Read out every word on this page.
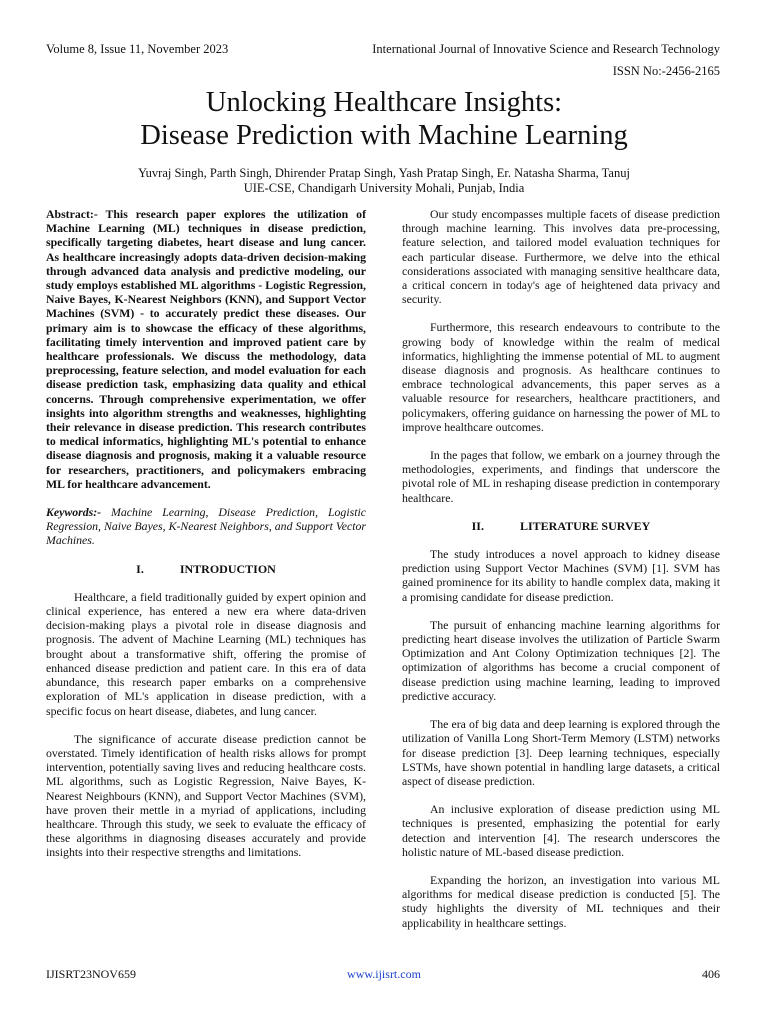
Volume 8, Issue 11, November 2023	International Journal of Innovative Science and Research Technology
ISSN No:-2456-2165
Unlocking Healthcare Insights:
Disease Prediction with Machine Learning
Yuvraj Singh, Parth Singh, Dhirender Pratap Singh, Yash Pratap Singh, Er. Natasha Sharma, Tanuj
UIE-CSE, Chandigarh University Mohali, Punjab, India

Abstract:- This research paper explores the utilization of Machine Learning (ML) techniques in disease prediction, specifically targeting diabetes, heart disease and lung cancer. As healthcare increasingly adopts data-driven decision-making through advanced data analysis and predictive modeling, our study employs established ML algorithms - Logistic Regression, Naive Bayes, K-Nearest Neighbors (KNN), and Support Vector Machines (SVM) - to accurately predict these diseases. Our primary aim is to showcase the efficacy of these algorithms, facilitating timely intervention and improved patient care by healthcare professionals. We discuss the methodology, data preprocessing, feature selection, and model evaluation for each disease prediction task, emphasizing data quality and ethical concerns. Through comprehensive experimentation, we offer insights into algorithm strengths and weaknesses, highlighting their relevance in disease prediction. This research contributes to medical informatics, highlighting ML's potential to enhance disease diagnosis and prognosis, making it a valuable resource for researchers, practitioners, and policymakers embracing ML for healthcare advancement.

Keywords:- Machine Learning, Disease Prediction, Logistic Regression, Naive Bayes, K-Nearest Neighbors, and Support Vector Machines.

I.	INTRODUCTION

Healthcare, a field traditionally guided by expert opinion and clinical experience, has entered a new era where data-driven decision-making plays a pivotal role in disease diagnosis and prognosis. The advent of Machine Learning (ML) techniques has brought about a transformative shift, offering the promise of enhanced disease prediction and patient care. In this era of data abundance, this research paper embarks on a comprehensive exploration of ML's application in disease prediction, with a specific focus on heart disease, diabetes, and lung cancer.

The significance of accurate disease prediction cannot be overstated. Timely identification of health risks allows for prompt intervention, potentially saving lives and reducing healthcare costs. ML algorithms, such as Logistic Regression, Naive Bayes, K-Nearest Neighbours (KNN), and Support Vector Machines (SVM), have proven their mettle in a myriad of applications, including healthcare. Through this study, we seek to evaluate the efficacy of these algorithms in diagnosing diseases accurately and provide insights into their respective strengths and limitations.

Our study encompasses multiple facets of disease prediction through machine learning. This involves data pre-processing, feature selection, and tailored model evaluation techniques for each particular disease. Furthermore, we delve into the ethical considerations associated with managing sensitive healthcare data, a critical concern in today's age of heightened data privacy and security.

Furthermore, this research endeavours to contribute to the growing body of knowledge within the realm of medical informatics, highlighting the immense potential of ML to augment disease diagnosis and prognosis. As healthcare continues to embrace technological advancements, this paper serves as a valuable resource for researchers, healthcare practitioners, and policymakers, offering guidance on harnessing the power of ML to improve healthcare outcomes.

In the pages that follow, we embark on a journey through the methodologies, experiments, and findings that underscore the pivotal role of ML in reshaping disease prediction in contemporary healthcare.

II.	LITERATURE SURVEY

The study introduces a novel approach to kidney disease prediction using Support Vector Machines (SVM) [1]. SVM has gained prominence for its ability to handle complex data, making it a promising candidate for disease prediction.

The pursuit of enhancing machine learning algorithms for predicting heart disease involves the utilization of Particle Swarm Optimization and Ant Colony Optimization techniques [2]. The optimization of algorithms has become a crucial component of disease prediction using machine learning, leading to improved predictive accuracy.

The era of big data and deep learning is explored through the utilization of Vanilla Long Short-Term Memory (LSTM) networks for disease prediction [3]. Deep learning techniques, especially LSTMs, have shown potential in handling large datasets, a critical aspect of disease prediction.

An inclusive exploration of disease prediction using ML techniques is presented, emphasizing the potential for early detection and intervention [4]. The research underscores the holistic nature of ML-based disease prediction.

Expanding the horizon, an investigation into various ML algorithms for medical disease prediction is conducted [5]. The study highlights the diversity of ML techniques and their applicability in healthcare settings.

IJISRT23NOV659	www.ijisrt.com	406
